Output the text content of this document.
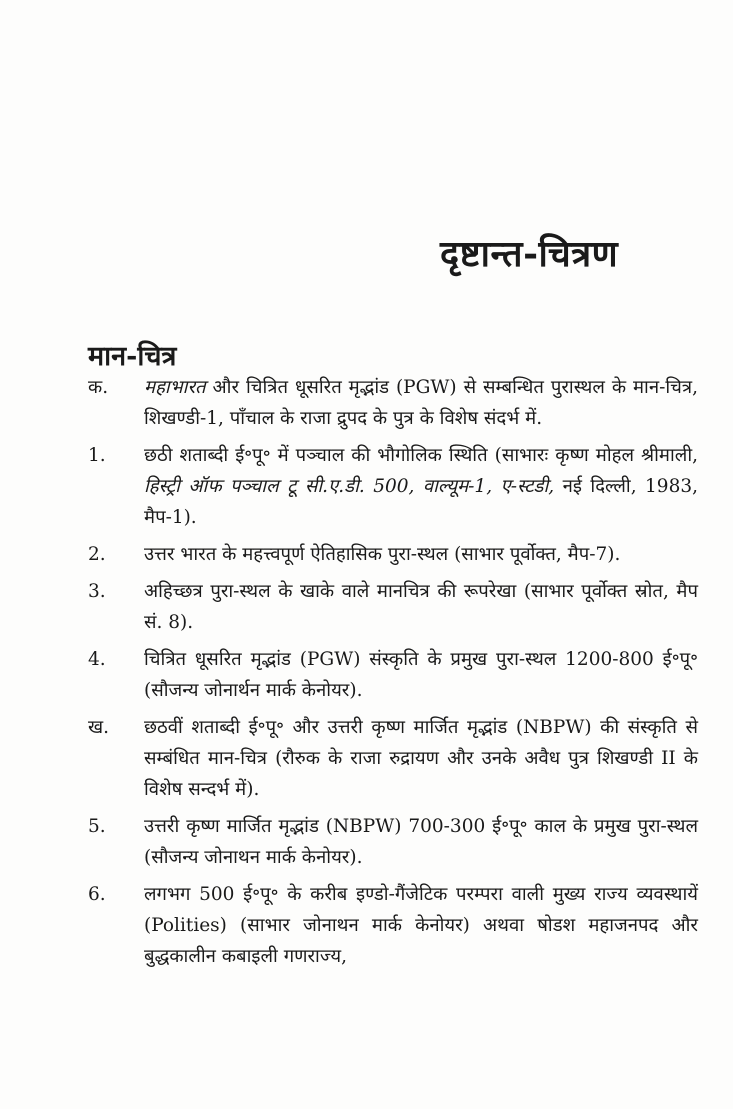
दृष्टान्त-चित्रण
मान-चित्र
क.	महाभारत और चित्रित धूसरित मृद्भांड (PGW) से सम्बन्धित पुरास्थल के मान-चित्र, शिखण्डी-1, पाँचाल के राजा द्रुपद के पुत्र के विशेष संदर्भ में.
1.	छठी शताब्दी ई॰पू॰ में पञ्चाल की भौगोलिक स्थिति (साभारः कृष्ण मोहल श्रीमाली, हिस्ट्री ऑफ पञ्चाल टू सी.ए.डी. 500, वाल्यूम-1, ए-स्टडी, नई दिल्ली, 1983, मैप-1).
2.	उत्तर भारत के महत्त्वपूर्ण ऐतिहासिक पुरा-स्थल (साभार पूर्वोक्त, मैप-7).
3.	अहिच्छत्र पुरा-स्थल के खाके वाले मानचित्र की रूपरेखा (साभार पूर्वोक्त स्रोत, मैप सं. 8).
4.	चित्रित धूसरित मृद्भांड (PGW) संस्कृति के प्रमुख पुरा-स्थल 1200-800 ई॰पू॰ (सौजन्य जोनार्थन मार्क केनोयर).
ख.	छठवीं शताब्दी ई॰पू॰ और उत्तरी कृष्ण मार्जित मृद्भांड (NBPW) की संस्कृति से सम्बंधित मान-चित्र (रौरुक के राजा रुद्रायण और उनके अवैध पुत्र शिखण्डी II के विशेष सन्दर्भ में).
5.	उत्तरी कृष्ण मार्जित मृद्भांड (NBPW) 700-300 ई॰पू॰ काल के प्रमुख पुरा-स्थल (सौजन्य जोनाथन मार्क केनोयर).
6.	लगभग 500 ई॰पू॰ के करीब इण्डो-गैंजेटिक परम्परा वाली मुख्य राज्य व्यवस्थायें (Polities) (साभार जोनाथन मार्क केनोयर) अथवा षोडश महाजनपद और बुद्धकालीन कबाइली गणराज्य,
